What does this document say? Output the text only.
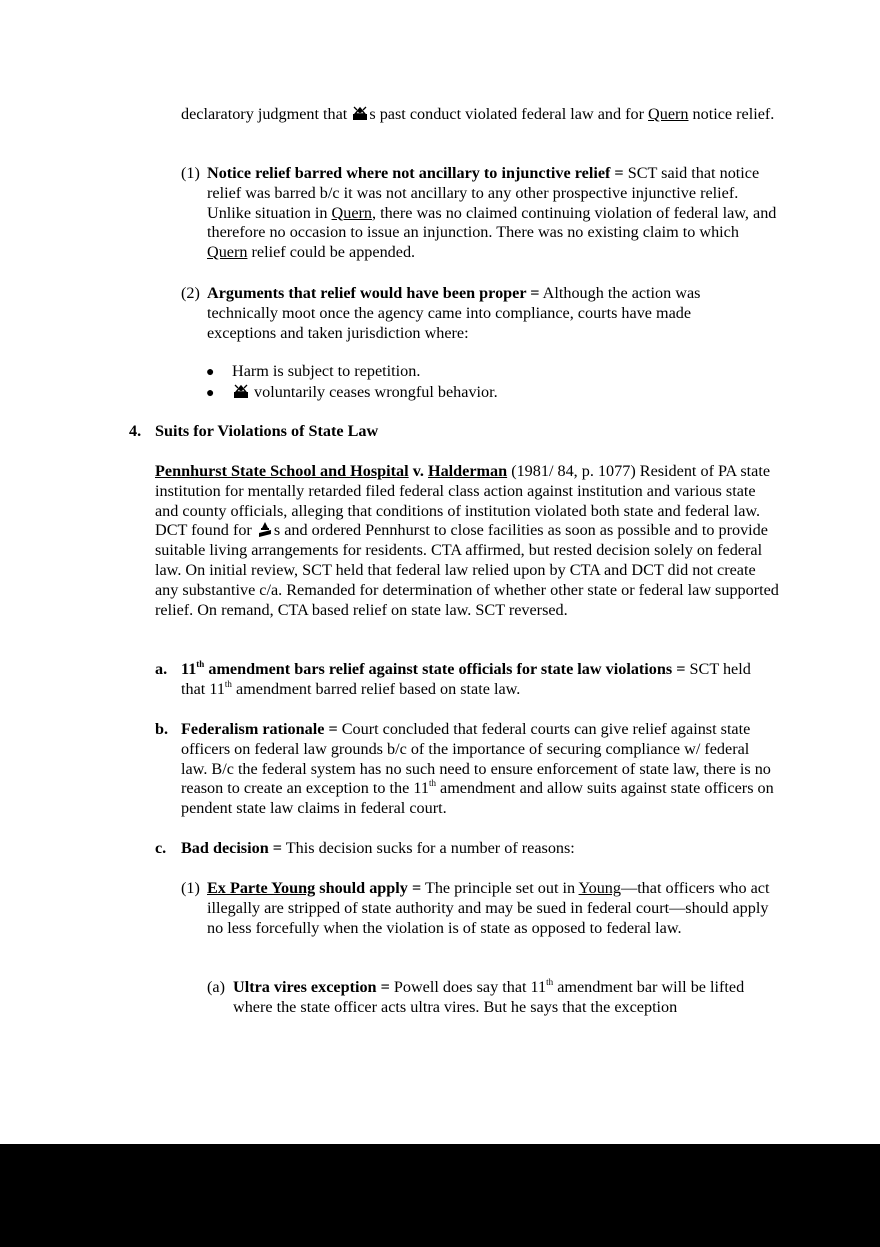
declaratory judgment that
s past conduct violated federal law and for Quern notice relief.

(1) Notice relief barred where not ancillary to injunctive relief = SCT said that notice relief was barred b/c it was not ancillary to any other prospective injunctive relief. Unlike situation in Quern, there was no claimed continuing violation of federal law, and therefore no occasion to issue an injunction. There was no existing claim to which Quern relief could be appended.

(2) Arguments that relief would have been proper = Although the action was technically moot once the agency came into compliance, courts have made exceptions and taken jurisdiction where:

●	Harm is subject to repetition.
●	voluntarily ceases wrongful behavior.
4. Suits for Violations of State Law

Pennhurst State School and Hospital v. Halderman (1981/ 84, p. 1077) Resident of PA state institution for mentally retarded filed federal class action against institution and various state and county officials, alleging that conditions of institution violated both state and federal law. DCT found for
s and ordered Pennhurst to close facilities as soon as possible and to provide suitable living arrangements for residents. CTA affirmed, but rested decision solely on federal law. On initial review, SCT held that federal law relied upon by CTA and DCT did not create any substantive c/a. Remanded for determination of whether other state or federal law supported relief. On remand, CTA based relief on state law. SCT reversed.

a. 11th amendment bars relief against state officials for state law violations = SCT held that 11th amendment barred relief based on state law.

b. Federalism rationale = Court concluded that federal courts can give relief against state officers on federal law grounds b/c of the importance of securing compliance w/ federal law. B/c the federal system has no such need to ensure enforcement of state law, there is no reason to create an exception to the 11th amendment and allow suits against state officers on pendent state law claims in federal court.

c. Bad decision = This decision sucks for a number of reasons:

(1) Ex Parte Young should apply = The principle set out in Young—that officers who act illegally are stripped of state authority and may be sued in federal court—should apply no less forcefully when the violation is of state as opposed to federal law.

(a) Ultra vires exception = Powell does say that 11th amendment bar will be lifted where the state officer acts ultra vires. But he says that the exception
